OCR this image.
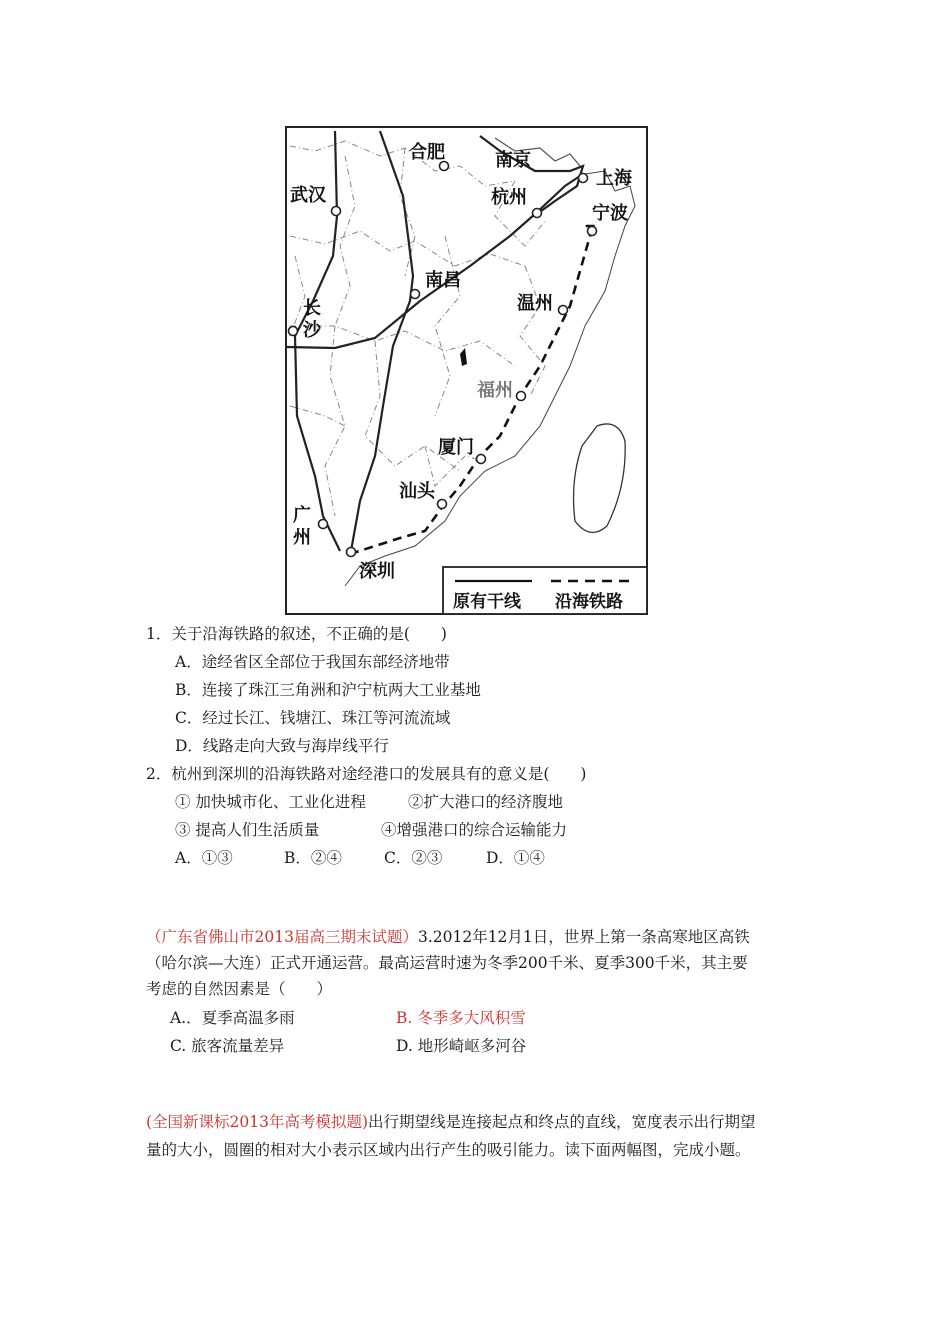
合肥	南京
上海
武汉	杭州
宁波
南昌
长
沙
温州
福州
厦门
汕头
广
州
深圳
原有干线 沿海铁路
1．关于沿海铁路的叙述，不正确的是(　　)
A．途经省区全部位于我国东部经济地带
B．连接了珠江三角洲和沪宁杭两大工业基地
C．经过长江、钱塘江、珠江等河流流域
D．线路走向大致与海岸线平行
2．杭州到深圳的沿海铁路对途经港口的发展具有的意义是(　　)
① 加快城市化、工业化进程	②扩大港口的经济腹地
③ 提高人们生活质量	④增强港口的综合运输能力
A．①③	B．②④	C．②③	D．①④
（广东省佛山市2013届高三期末试题）3.2012年12月1日，世界上第一条高寒地区高铁
（哈尔滨—大连）正式开通运营。最高运营时速为冬季200千米、夏季300千米，其主要
考虑的自然因素是（　　）
A.．夏季高温多雨	B. 冬季多大风积雪
C. 旅客流量差异	D. 地形崎岖多河谷
(全国新课标2013年高考模拟题)出行期望线是连接起点和终点的直线，宽度表示出行期望
量的大小，圆圈的相对大小表示区域内出行产生的吸引能力。读下面两幅图，完成小题。
